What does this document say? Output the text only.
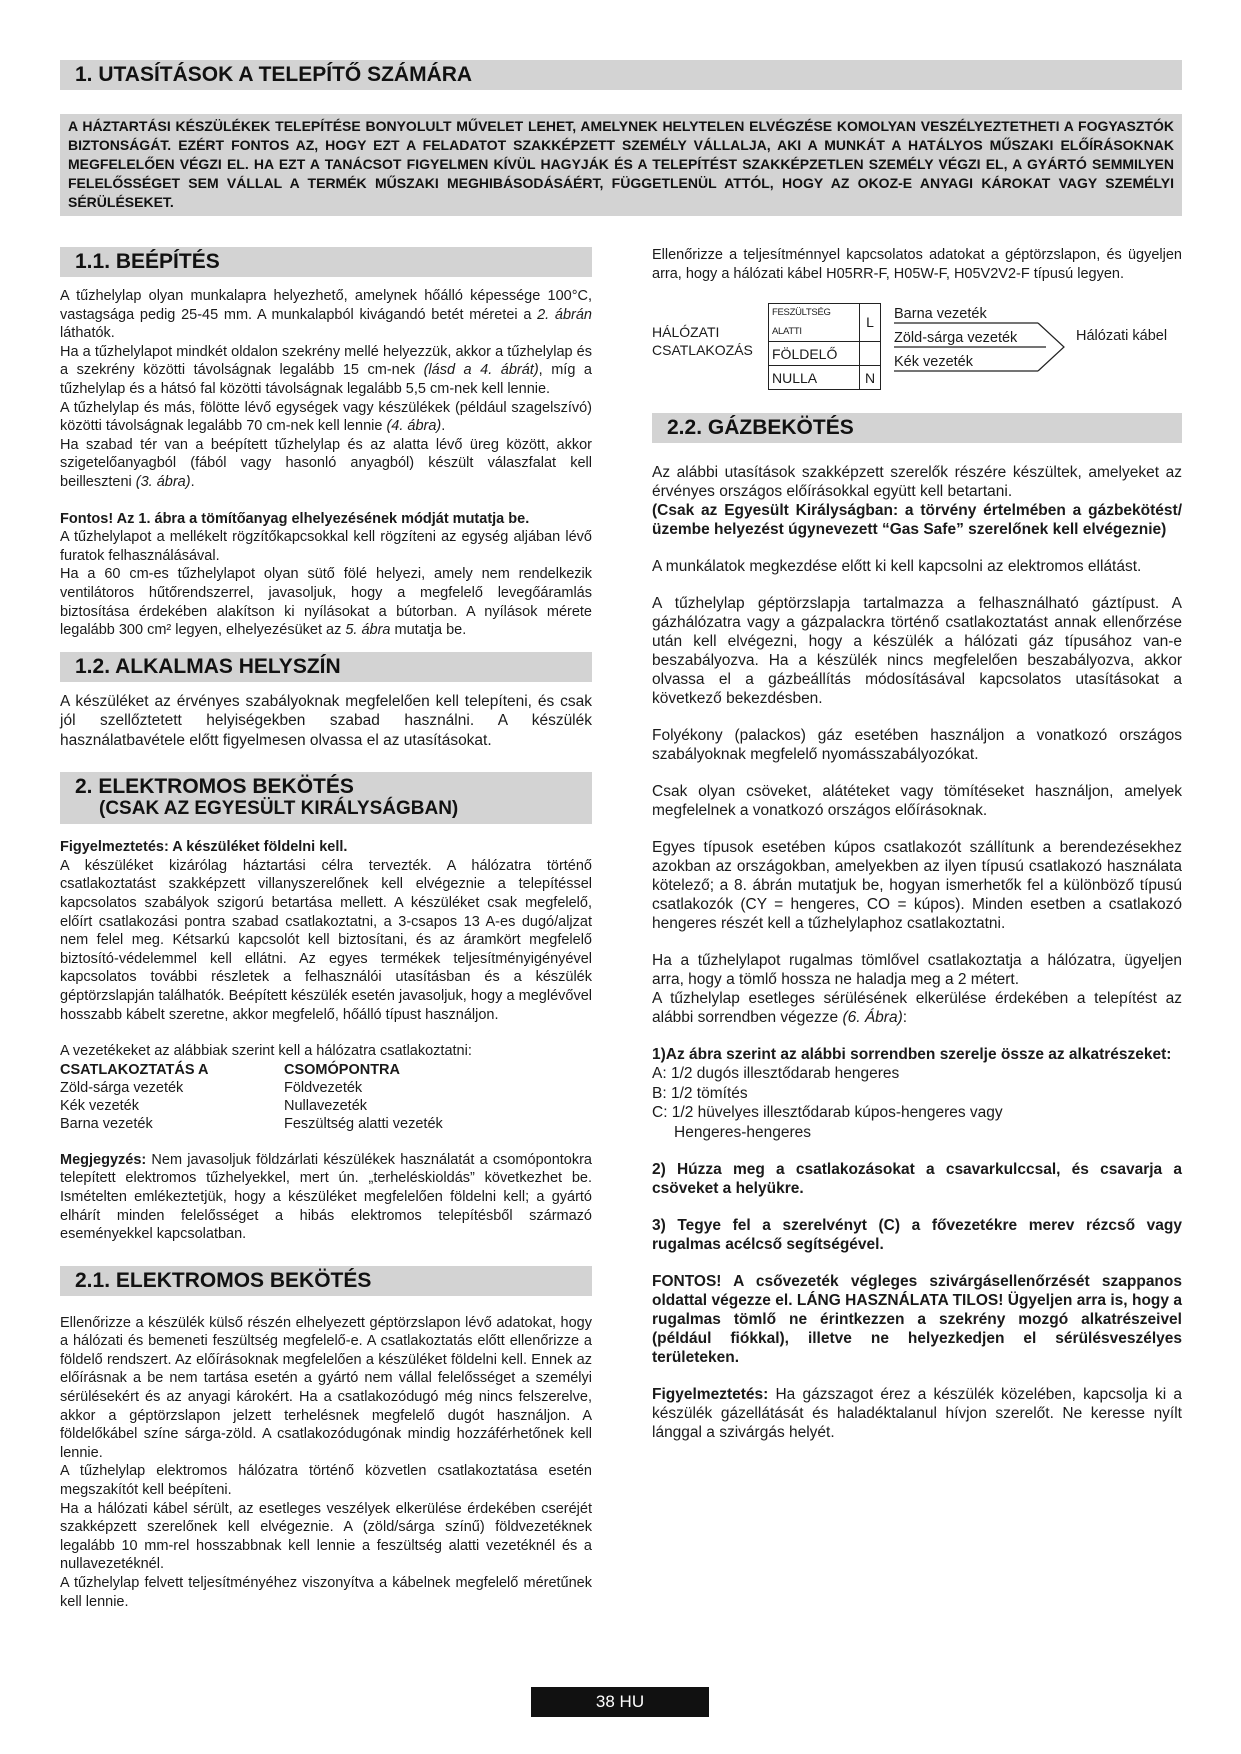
1. UTASÍTÁSOK A TELEPÍTŐ SZÁMÁRA
A HÁZTARTÁSI KÉSZÜLÉKEK TELEPÍTÉSE BONYOLULT MŰVELET LEHET, AMELYNEK HELYTELEN ELVÉGZÉSE KOMOLYAN VESZÉLYEZTETHETI A FOGYASZTÓK BIZTONSÁGÁT. EZÉRT FONTOS AZ, HOGY EZT A FELADATOT SZAKKÉPZETT SZEMÉLY VÁLLALJA, AKI A MUNKÁT A HATÁLYOS MŰSZAKI ELŐÍRÁSOKNAK MEGFELELŐEN VÉGZI EL. HA EZT A TANÁCSOT FIGYELMEN KÍVÜL HAGYJÁK ÉS A TELEPÍTÉST SZAKKÉPZETLEN SZEMÉLY VÉGZI EL, A GYÁRTÓ SEMMILYEN FELELŐSSÉGET SEM VÁLLAL A TERMÉK MŰSZAKI MEGHIBÁSODÁSÁÉRT, FÜGGETLENÜL ATTÓL, HOGY AZ OKOZ-E ANYAGI KÁROKAT VAGY SZEMÉLYI SÉRÜLÉSEKET.
1.1. BEÉPÍTÉS

A tűzhelylap olyan munkalapra helyezhető, amelynek hőálló képessége 100°C, vastagsága pedig 25-45 mm. A munkalapból kivágandó betét méretei a 2. ábrán láthatók.

Ha a tűzhelylapot mindkét oldalon szekrény mellé helyezzük, akkor a tűzhelylap és a szekrény közötti távolságnak legalább 15 cm-nek (lásd a 4. ábrát), míg a tűzhelylap és a hátsó fal közötti távolságnak legalább 5,5 cm-nek kell lennie.

A tűzhelylap és más, fölötte lévő egységek vagy készülékek (például szagelszívó) közötti távolságnak legalább 70 cm-nek kell lennie (4. ábra).

Ha szabad tér van a beépített tűzhelylap és az alatta lévő üreg között, akkor szigetelőanyagból (fából vagy hasonló anyagból) készült válaszfalat kell beilleszteni (3. ábra).

Fontos! Az 1. ábra a tömítőanyag elhelyezésének módját mutatja be.

A tűzhelylapot a mellékelt rögzítőkapcsokkal kell rögzíteni az egység aljában lévő furatok felhasználásával.

Ha a 60 cm-es tűzhelylapot olyan sütő fölé helyezi, amely nem rendelkezik ventilátoros hűtőrendszerrel, javasoljuk, hogy a megfelelő levegőáramlás biztosítása érdekében alakítson ki nyílásokat a bútorban. A nyílások mérete legalább 300 cm² legyen, elhelyezésüket az 5. ábra mutatja be.

1.2. ALKALMAS HELYSZÍN

A készüléket az érvényes szabályoknak megfelelően kell telepíteni, és csak jól szellőztetett helyiségekben szabad használni. A készülék használatbavétele előtt figyelmesen olvassa el az utasításokat.

2. ELEKTROMOS BEKÖTÉS
(CSAK AZ EGYESÜLT KIRÁLYSÁGBAN)

Figyelmeztetés: A készüléket földelni kell.

A készüléket kizárólag háztartási célra tervezték. A hálózatra történő csatlakoztatást szakképzett villanyszerelőnek kell elvégeznie a telepítéssel kapcsolatos szabályok szigorú betartása mellett. A készüléket csak megfelelő, előírt csatlakozási pontra szabad csatlakoztatni, a 3-csapos 13 A-es dugó/aljzat nem felel meg. Kétsarkú kapcsolót kell biztosítani, és az áramkört megfelelő biztosító-védelemmel kell ellátni. Az egyes termékek teljesítményigényével kapcsolatos további részletek a felhasználói utasításban és a készülék géptörzslapján találhatók. Beépített készülék esetén javasoljuk, hogy a meglévővel hosszabb kábelt szeretne, akkor megfelelő, hőálló típust használjon.

A vezetékeket az alábbiak szerint kell a hálózatra csatlakoztatni:

CSATLAKOZTATÁS A	CSOMÓPONTRA
Zöld-sárga vezeték	Földvezeték
Kék vezeték	Nullavezeték
Barna vezeték	Feszültség alatti vezeték

Megjegyzés: Nem javasoljuk földzárlati készülékek használatát a csomópontokra telepített elektromos tűzhelyekkel, mert ún. „terheléskioldás” következhet be. Ismételten emlékeztetjük, hogy a készüléket megfelelően földelni kell; a gyártó elhárít minden felelősséget a hibás elektromos telepítésből származó eseményekkel kapcsolatban.

2.1. ELEKTROMOS BEKÖTÉS

Ellenőrizze a készülék külső részén elhelyezett géptörzslapon lévő adatokat, hogy a hálózati és bemeneti feszültség megfelelő-e. A csatlakoztatás előtt ellenőrizze a földelő rendszert. Az előírásoknak megfelelően a készüléket földelni kell. Ennek az előírásnak a be nem tartása esetén a gyártó nem vállal felelősséget a személyi sérülésekért és az anyagi károkért. Ha a csatlakozódugó még nincs felszerelve, akkor a géptörzslapon jelzett terhelésnek megfelelő dugót használjon. A földelőkábel színe sárga-zöld. A csatlakozódugónak mindig hozzáférhetőnek kell lennie.

A tűzhelylap elektromos hálózatra történő közvetlen csatlakoztatása esetén megszakítót kell beépíteni.

Ha a hálózati kábel sérült, az esetleges veszélyek elkerülése érdekében cseréjét szakképzett szerelőnek kell elvégeznie. A (zöld/sárga színű) földvezetéknek legalább 10 mm-rel hosszabbnak kell lennie a feszültség alatti vezetéknél és a nullavezetéknél.

A tűzhelylap felvett teljesítményéhez viszonyítva a kábelnek megfelelő méretűnek kell lennie.

Ellenőrizze a teljesítménnyel kapcsolatos adatokat a géptörzslapon, és ügyeljen arra, hogy a hálózati kábel H05RR-F, H05W-F, H05V2V2-F típusú legyen.

HÁLÓZATI
CSATLAKOZÁS
FESZÜLTSÉG ALATTI	L
FÖLDELŐ	
NULLA	N
Barna vezeték
Zöld-sárga vezeték
Kék vezeték
Hálózati kábel
2.2. GÁZBEKÖTÉS

Az alábbi utasítások szakképzett szerelők részére készültek, amelyeket az érvényes országos előírásokkal együtt kell betartani.

(Csak az Egyesült Királyságban: a törvény értelmében a gázbekötést/üzembe helyezést úgynevezett “Gas Safe” szerelőnek kell elvégeznie)

A munkálatok megkezdése előtt ki kell kapcsolni az elektromos ellátást.

A tűzhelylap géptörzslapja tartalmazza a felhasználható gáztípust. A gázhálózatra vagy a gázpalackra történő csatlakoztatást annak ellenőrzése után kell elvégezni, hogy a készülék a hálózati gáz típusához van-e beszabályozva. Ha a készülék nincs megfelelően beszabályozva, akkor olvassa el a gázbeállítás módosításával kapcsolatos utasításokat a következő bekezdésben.

Folyékony (palackos) gáz esetében használjon a vonatkozó országos szabályoknak megfelelő nyomásszabályozókat.

Csak olyan csöveket, alátéteket vagy tömítéseket használjon, amelyek megfelelnek a vonatkozó országos előírásoknak.

Egyes típusok esetében kúpos csatlakozót szállítunk a berendezésekhez azokban az országokban, amelyekben az ilyen típusú csatlakozó használata kötelező; a 8. ábrán mutatjuk be, hogyan ismerhetők fel a különböző típusú csatlakozók (CY = hengeres, CO = kúpos). Minden esetben a csatlakozó hengeres részét kell a tűzhelylaphoz csatlakoztatni.

Ha a tűzhelylapot rugalmas tömlővel csatlakoztatja a hálózatra, ügyeljen arra, hogy a tömlő hossza ne haladja meg a 2 métert.

A tűzhelylap esetleges sérülésének elkerülése érdekében a telepítést az alábbi sorrendben végezze (6. Ábra):

1)Az ábra szerint az alábbi sorrendben szerelje össze az alkatrészeket:

A: 1/2 dugós illesztődarab hengeres
B: 1/2 tömítés
C: 1/2 hüvelyes illesztődarab kúpos-hengeres vagy
Hengeres-hengeres

2) Húzza meg a csatlakozásokat a csavarkulccsal, és csavarja a csöveket a helyükre.

3) Tegye fel a szerelvényt (C) a fővezetékre merev rézcső vagy rugalmas acélcső segítségével.

FONTOS! A csővezeték végleges szivárgásellenőrzését szappanos oldattal végezze el. LÁNG HASZNÁLATA TILOS! Ügyeljen arra is, hogy a rugalmas tömlő ne érintkezzen a szekrény mozgó alkatrészeivel (például fiókkal), illetve ne helyezkedjen el sérülésveszélyes területeken.

Figyelmeztetés: Ha gázszagot érez a készülék közelében, kapcsolja ki a készülék gázellátását és haladéktalanul hívjon szerelőt. Ne keresse nyílt lánggal a szivárgás helyét.

38 HU
